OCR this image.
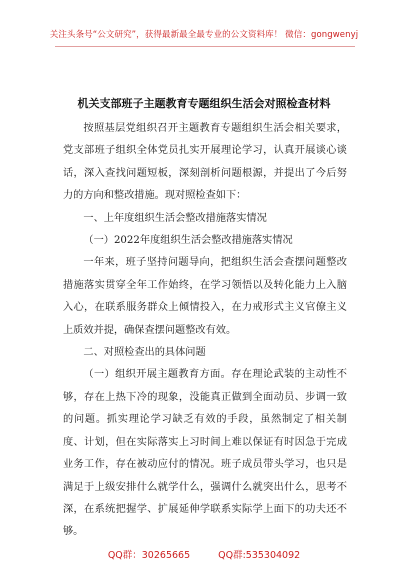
关注头条号“公文研究”，获得最新最全最专业的公文资料库！ 微信：gongwenyj
机关支部班子主题教育专题组织生活会对照检查材料

按照基层党组织召开主题教育专题组织生活会相关要求，党支部班子组织全体党员扎实开展理论学习，认真开展谈心谈话，深入查找问题短板，深刻剖析问题根源，并提出了今后努力的方向和整改措施。现对照检查如下：

一、上年度组织生活会整改措施落实情况

（一）2022年度组织生活会整改措施落实情况

一年来，班子坚持问题导向，把组织生活会查摆问题整改措施落实贯穿全年工作始终，在学习领悟以及转化能力上入脑入心，在联系服务群众上倾情投入，在力戒形式主义官僚主义上质效并提，确保查摆问题整改有效。

二、对照检查出的具体问题

（一）组织开展主题教育方面。存在理论武装的主动性不够，存在上热下冷的现象，没能真正做到全面动员、步调一致的问题。抓实理论学习缺乏有效的手段，虽然制定了相关制度、计划，但在实际落实上习时间上难以保证有时因急于完成业务工作，存在被动应付的情况。班子成员带头学习，也只是满足于上级安排什么就学什么，强调什么就突出什么，思考不深，在系统把握学、扩展延伸学联系实际学上面下的功夫还不够。

QQ群：30265665	QQ群:535304092
